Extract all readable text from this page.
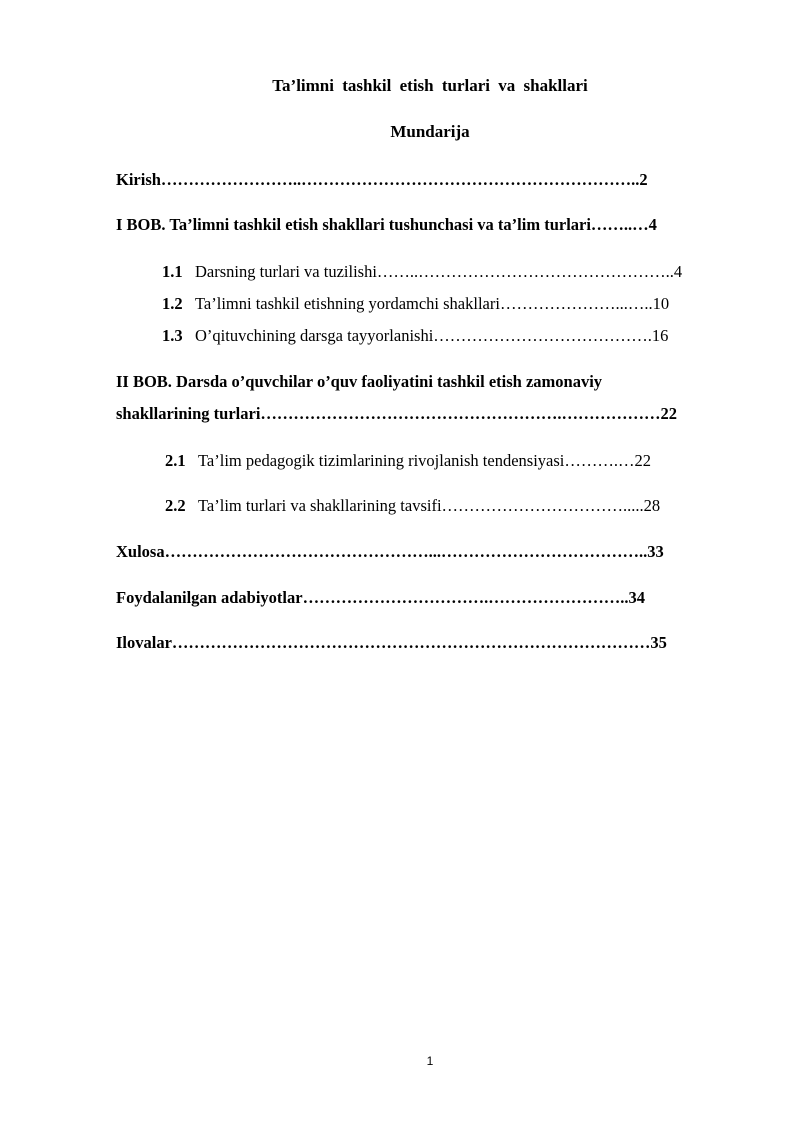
Ta’limni tashkil etish turlari va shakllari
Mundarija
Kirish……………………..……………………………………………………..2
I BOB. Ta’limni tashkil etish shakllari tushunchasi va ta’lim turlari……..…4
1.1 Darsning turlari va tuzilishi……..………………………………………..4
1.2 Ta’limni tashkil etishning yordamchi shakllari…………………...…..10
1.3 O’qituvchining darsga tayyorlanishi………………………………….16
II BOB. Darsda o’quvchilar o’quv faoliyatini tashkil etish zamonaviy
shakllarining turlari……………………………………………….………………22
2.1 Ta’lim pedagogik tizimlarining rivojlanish tendensiyasi……….…22
2.2 Ta’lim turlari va shakllarining tavsifi…………………………….....28
Xulosa…………………………………………...………………………………..33
Foydalanilgan adabiyotlar…………………………….……………………..34
Ilovalar……………………………………………………………………………35
1
